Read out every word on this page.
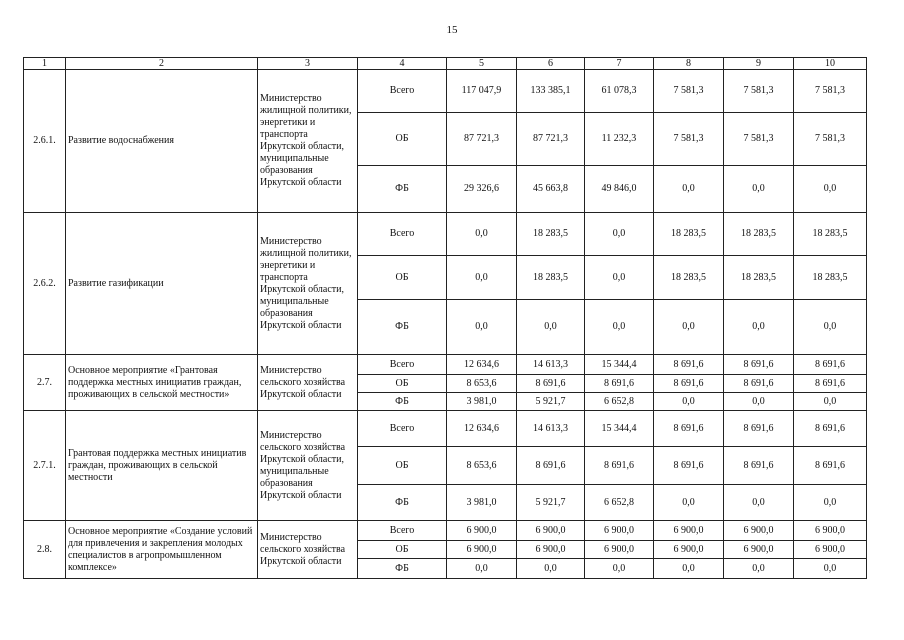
15
1	2	3	4	5	6	7	8	9	10
2.6.1.	Развитие водоснабжения	Министерство жилищной политики, энергетики и транспорта Иркутской области, муниципальные образования Иркутской области	Всего	117 047,9	133 385,1	61 078,3	7 581,3	7 581,3	7 581,3
			ОБ	87 721,3	87 721,3	11 232,3	7 581,3	7 581,3	7 581,3
			ФБ	29 326,6	45 663,8	49 846,0	0,0	0,0	0,0
2.6.2.	Развитие газификации	Министерство жилищной политики, энергетики и транспорта Иркутской области, муниципальные образования Иркутской области	Всего	0,0	18 283,5	0,0	18 283,5	18 283,5	18 283,5
			ОБ	0,0	18 283,5	0,0	18 283,5	18 283,5	18 283,5
			ФБ	0,0	0,0	0,0	0,0	0,0	0,0
2.7.	Основное мероприятие «Грантовая поддержка местных инициатив граждан, проживающих в сельской местности»	Министерство сельского хозяйства Иркутской области	Всего	12 634,6	14 613,3	15 344,4	8 691,6	8 691,6	8 691,6
			ОБ	8 653,6	8 691,6	8 691,6	8 691,6	8 691,6	8 691,6
			ФБ	3 981,0	5 921,7	6 652,8	0,0	0,0	0,0
2.7.1.	Грантовая поддержка местных инициатив граждан, проживающих в сельской местности	Министерство сельского хозяйства Иркутской области, муниципальные образования Иркутской области	Всего	12 634,6	14 613,3	15 344,4	8 691,6	8 691,6	8 691,6
			ОБ	8 653,6	8 691,6	8 691,6	8 691,6	8 691,6	8 691,6
			ФБ	3 981,0	5 921,7	6 652,8	0,0	0,0	0,0
2.8.	Основное мероприятие «Создание условий для привлечения и закрепления молодых специалистов в агропромышленном комплексе»	Министерство сельского хозяйства Иркутской области	Всего	6 900,0	6 900,0	6 900,0	6 900,0	6 900,0	6 900,0
			ОБ	6 900,0	6 900,0	6 900,0	6 900,0	6 900,0	6 900,0
			ФБ	0,0	0,0	0,0	0,0	0,0	0,0
